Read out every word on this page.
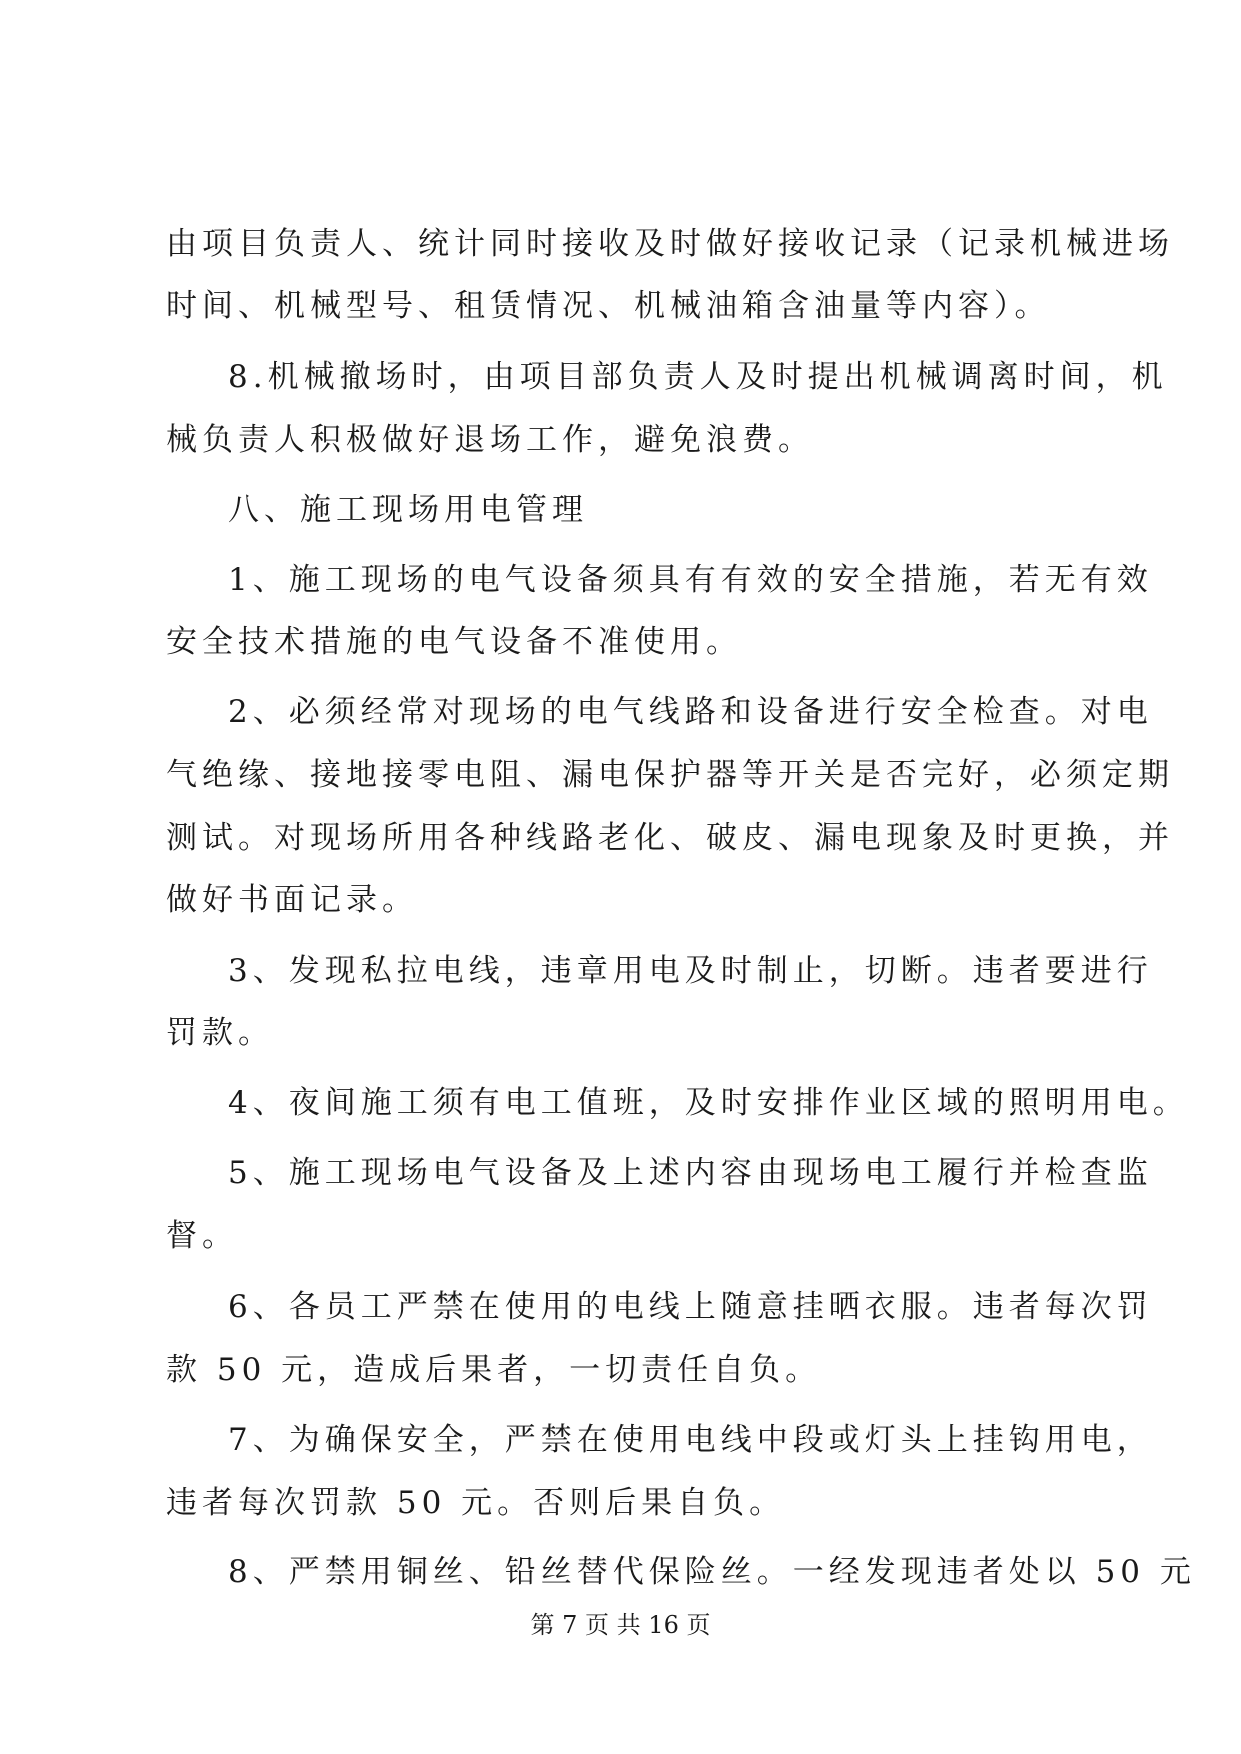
由项目负责人、统计同时接收及时做好接收记录（记录机械进场
时间、机械型号、租赁情况、机械油箱含油量等内容）。
8.机械撤场时，由项目部负责人及时提出机械调离时间，机
械负责人积极做好退场工作，避免浪费。
八、施工现场用电管理
1、施工现场的电气设备须具有有效的安全措施，若无有效
安全技术措施的电气设备不准使用。
2、必须经常对现场的电气线路和设备进行安全检查。对电
气绝缘、接地接零电阻、漏电保护器等开关是否完好，必须定期
测试。对现场所用各种线路老化、破皮、漏电现象及时更换，并
做好书面记录。
3、发现私拉电线，违章用电及时制止，切断。违者要进行
罚款。
4、夜间施工须有电工值班，及时安排作业区域的照明用电。
5、施工现场电气设备及上述内容由现场电工履行并检查监
督。
6、各员工严禁在使用的电线上随意挂晒衣服。违者每次罚
款 50 元，造成后果者，一切责任自负。
7、为确保安全，严禁在使用电线中段或灯头上挂钩用电，
违者每次罚款 50 元。否则后果自负。
8、严禁用铜丝、铅丝替代保险丝。一经发现违者处以 50 元
第 7 页 共 16 页
